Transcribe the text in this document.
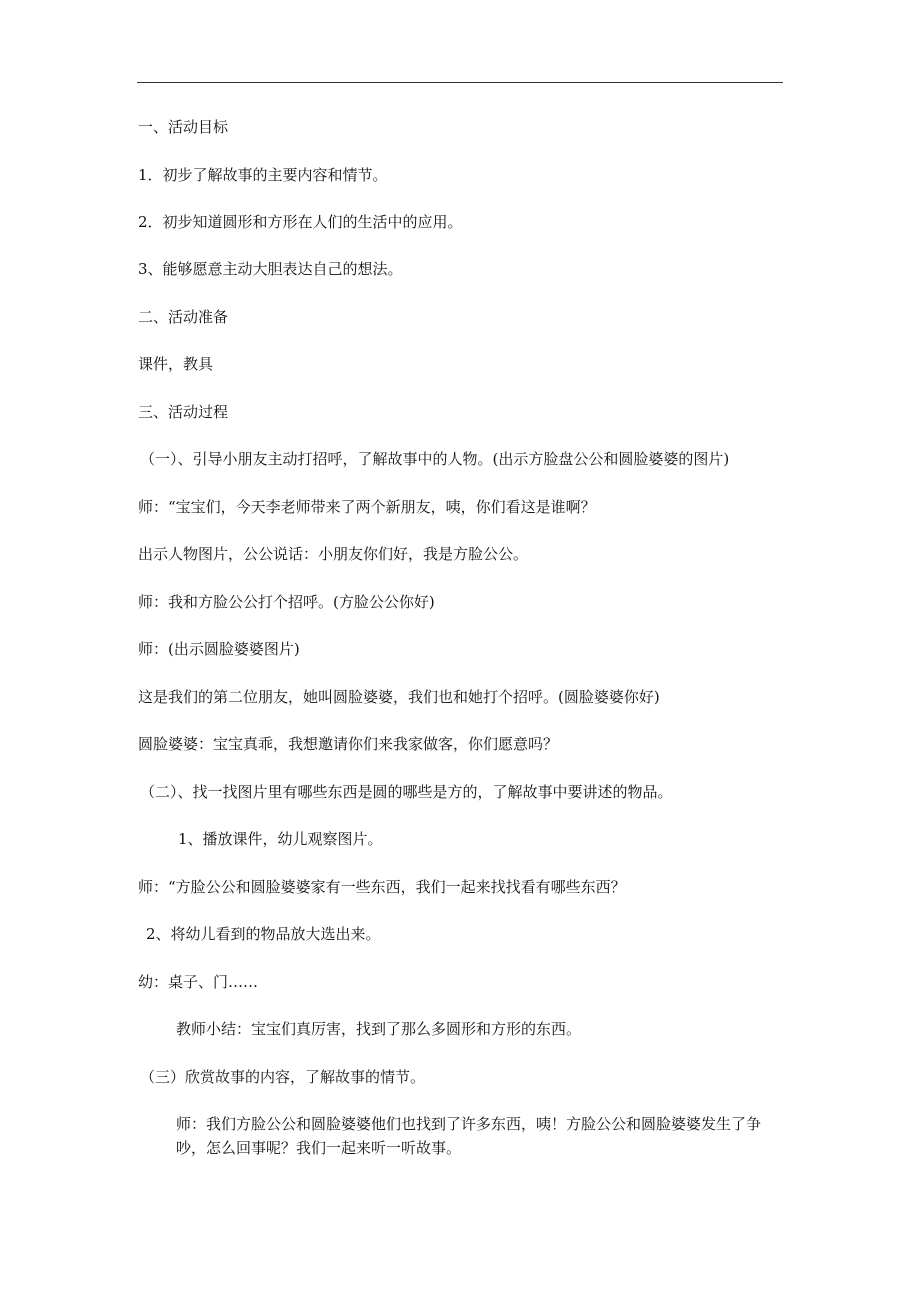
一、活动目标
1．初步了解故事的主要内容和情节。
2．初步知道圆形和方形在人们的生活中的应用。
3、能够愿意主动大胆表达自己的想法。
二、活动准备
课件，教具
三、活动过程
（一）、引导小朋友主动打招呼，了解故事中的人物。(出示方脸盘公公和圆脸婆婆的图片)
师：“宝宝们，今天李老师带来了两个新朋友，咦，你们看这是谁啊？
出示人物图片，公公说话：小朋友你们好，我是方脸公公。
师：我和方脸公公打个招呼。(方脸公公你好)
师：(出示圆脸婆婆图片)
这是我们的第二位朋友，她叫圆脸婆婆，我们也和她打个招呼。(圆脸婆婆你好)
圆脸婆婆：宝宝真乖，我想邀请你们来我家做客，你们愿意吗？
（二）、找一找图片里有哪些东西是圆的哪些是方的，了解故事中要讲述的物品。
1、播放课件，幼儿观察图片。
师：“方脸公公和圆脸婆婆家有一些东西，我们一起来找找看有哪些东西？
2、将幼儿看到的物品放大选出来。
幼：桌子、门……
教师小结：宝宝们真厉害，找到了那么多圆形和方形的东西。
（三）欣赏故事的内容，了解故事的情节。
师：我们方脸公公和圆脸婆婆他们也找到了许多东西，咦！方脸公公和圆脸婆婆发生了争吵，怎么回事呢？我们一起来听一听故事。
